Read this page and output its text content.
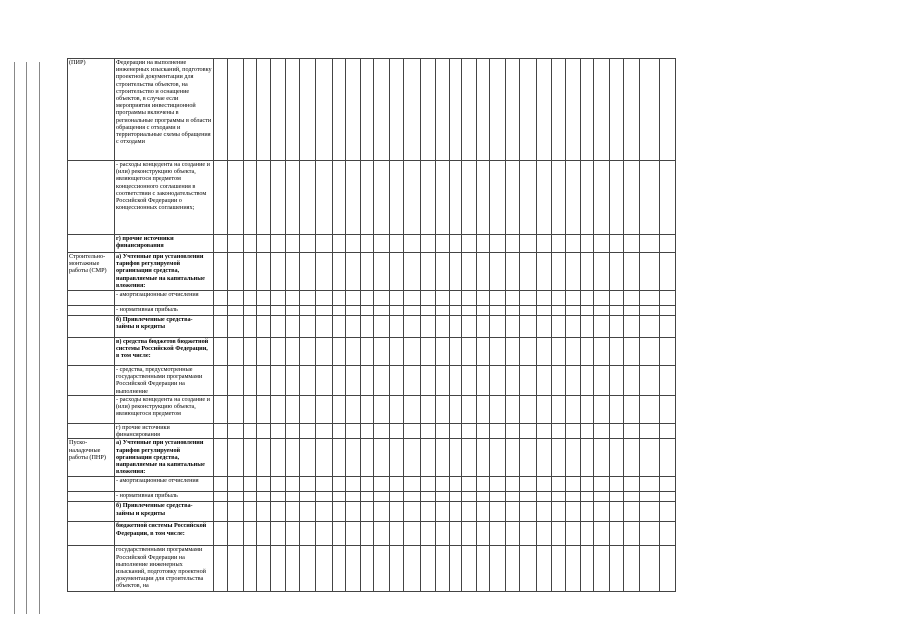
(ПИР)	Федерации на выполнение инженерных изысканий, подготовку проектной документации для строительства объектов, на строительство и оснащение объектов, в случае если мероприятия инвестиционной программы включены в региональные программы в области обращения с отходами и территориальные схемы обращения с отходами																															
	- расходы концедента на создание и (или) реконструкцию объекта, являющегося предметом концессионного соглашения в соответствии с законодательством Российской Федерации о концессионных соглашениях;																															
	г) прочие источники финансирования																															
Строительно-монтажные работы (СМР)	а) Учтенные при установлении тарифов регулируемой организации средства, направляемые на капитальные вложения:																															
	- амортизационные отчисления																															
	- нормативная прибыль																															
	б) Привлеченные средства- займы и кредиты																															
	в) средства бюджетов бюджетной системы Российской Федерации, в том числе:																															
	- средства, предусмотренные государственными программами Российской Федерации на выполнение																															
	- расходы концедента на создание и (или) реконструкцию объекта, являющегося предметом																															
	г) прочие источники финансирования																															
Пуско-наладочные работы (ПНР)	а) Учтенные при установлении тарифов регулируемой организации средства, направляемые на капитальные вложения:																															
	- амортизационные отчисления																															
	- нормативная прибыль																															
	б) Привлеченные средства- займы и кредиты																															
	бюджетной системы Российской Федерации, в том числе:																															
	государственными программами Российской Федерации на выполнение инженерных изысканий, подготовку проектной документации для строительства объектов, на																															
